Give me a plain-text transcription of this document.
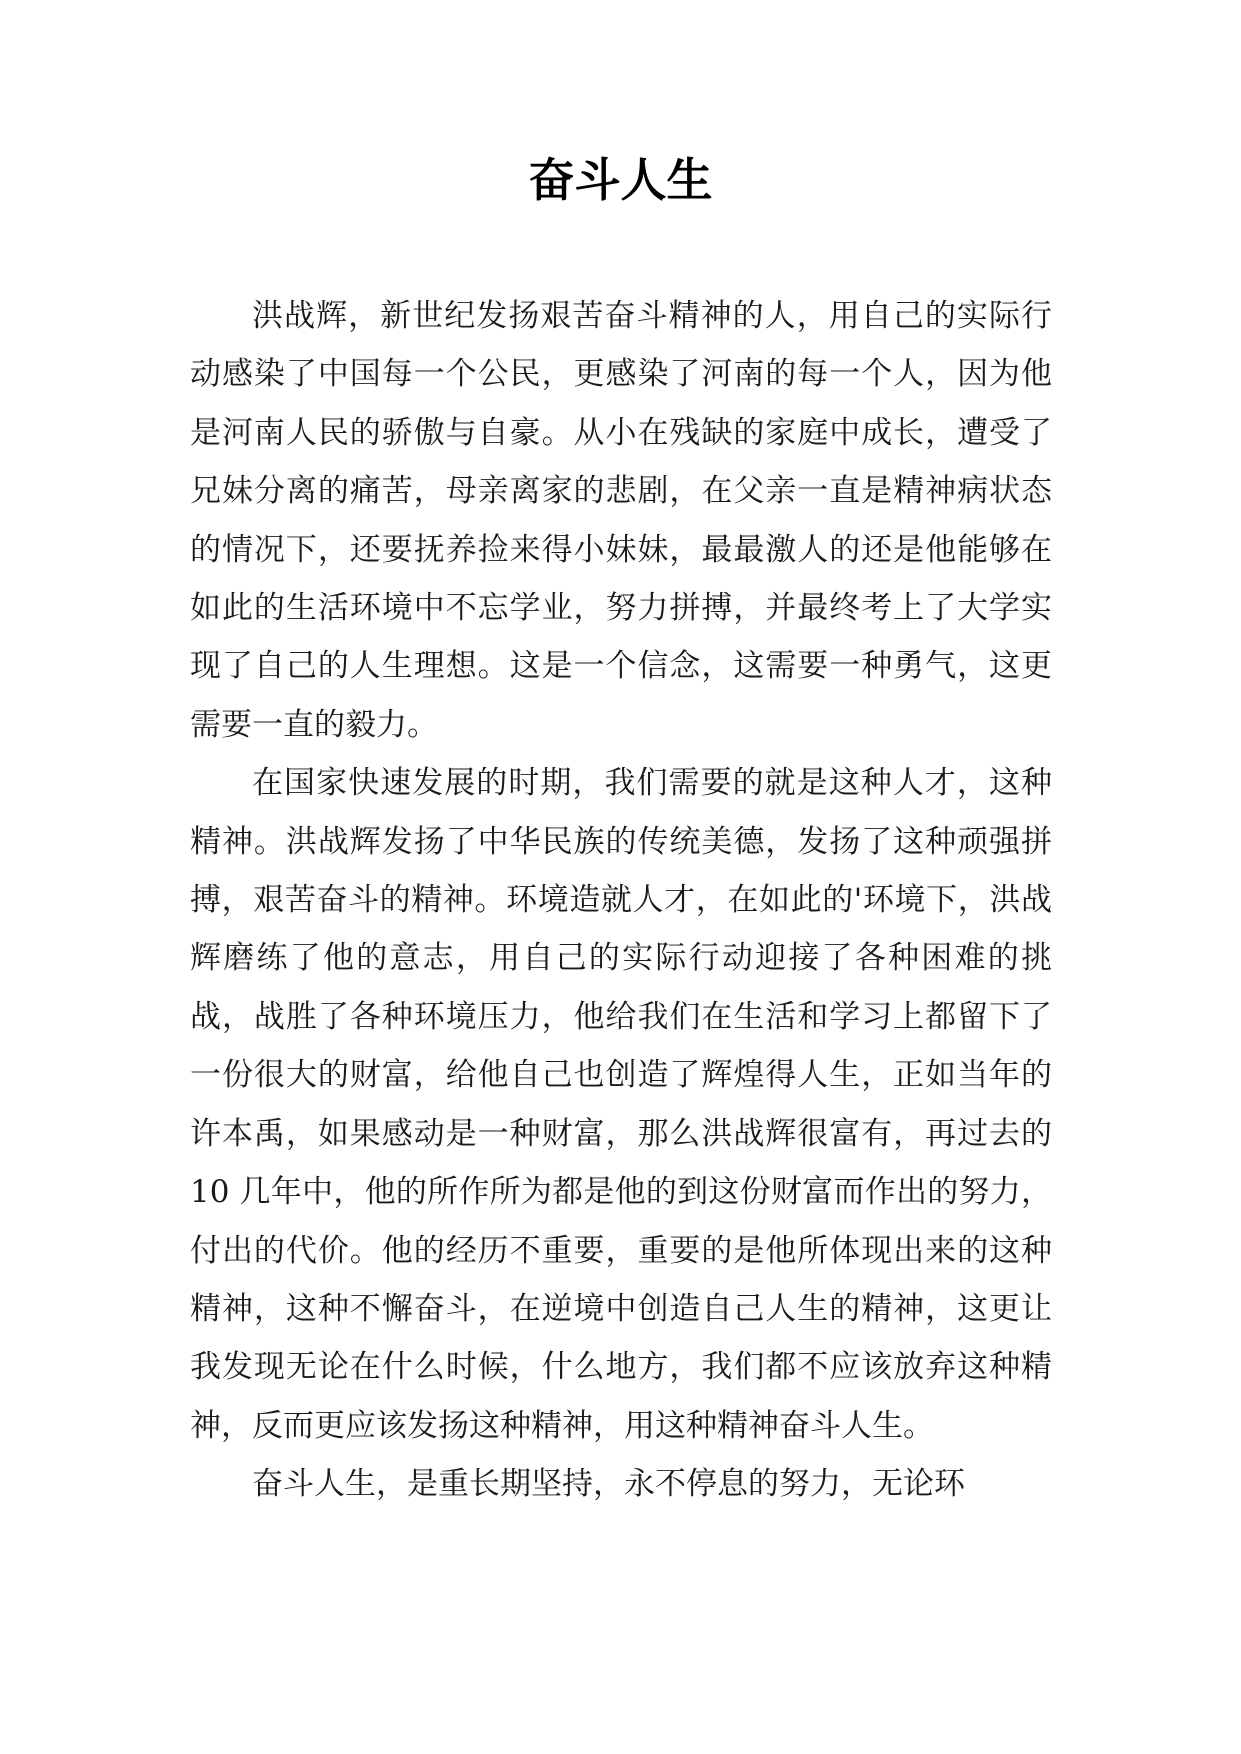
奋斗人生

洪战辉，新世纪发扬艰苦奋斗精神的人，用自己的实际行动感染了中国每一个公民，更感染了河南的每一个人，因为他是河南人民的骄傲与自豪。从小在残缺的家庭中成长，遭受了兄妹分离的痛苦，母亲离家的悲剧，在父亲一直是精神病状态的情况下，还要抚养捡来得小妹妹，最最激人的还是他能够在如此的生活环境中不忘学业，努力拼搏，并最终考上了大学实现了自己的人生理想。这是一个信念，这需要一种勇气，这更需要一直的毅力。

在国家快速发展的时期，我们需要的就是这种人才，这种精神。洪战辉发扬了中华民族的传统美德，发扬了这种顽强拼搏，艰苦奋斗的精神。环境造就人才，在如此的'环境下，洪战辉磨练了他的意志，用自己的实际行动迎接了各种困难的挑战，战胜了各种环境压力，他给我们在生活和学习上都留下了一份很大的财富，给他自己也创造了辉煌得人生，正如当年的许本禹，如果感动是一种财富，那么洪战辉很富有，再过去的 10 几年中，他的所作所为都是他的到这份财富而作出的努力，付出的代价。他的经历不重要，重要的是他所体现出来的这种精神，这种不懈奋斗，在逆境中创造自己人生的精神，这更让我发现无论在什么时候，什么地方，我们都不应该放弃这种精神，反而更应该发扬这种精神，用这种精神奋斗人生。

奋斗人生，是重长期坚持，永不停息的努力，无论环
